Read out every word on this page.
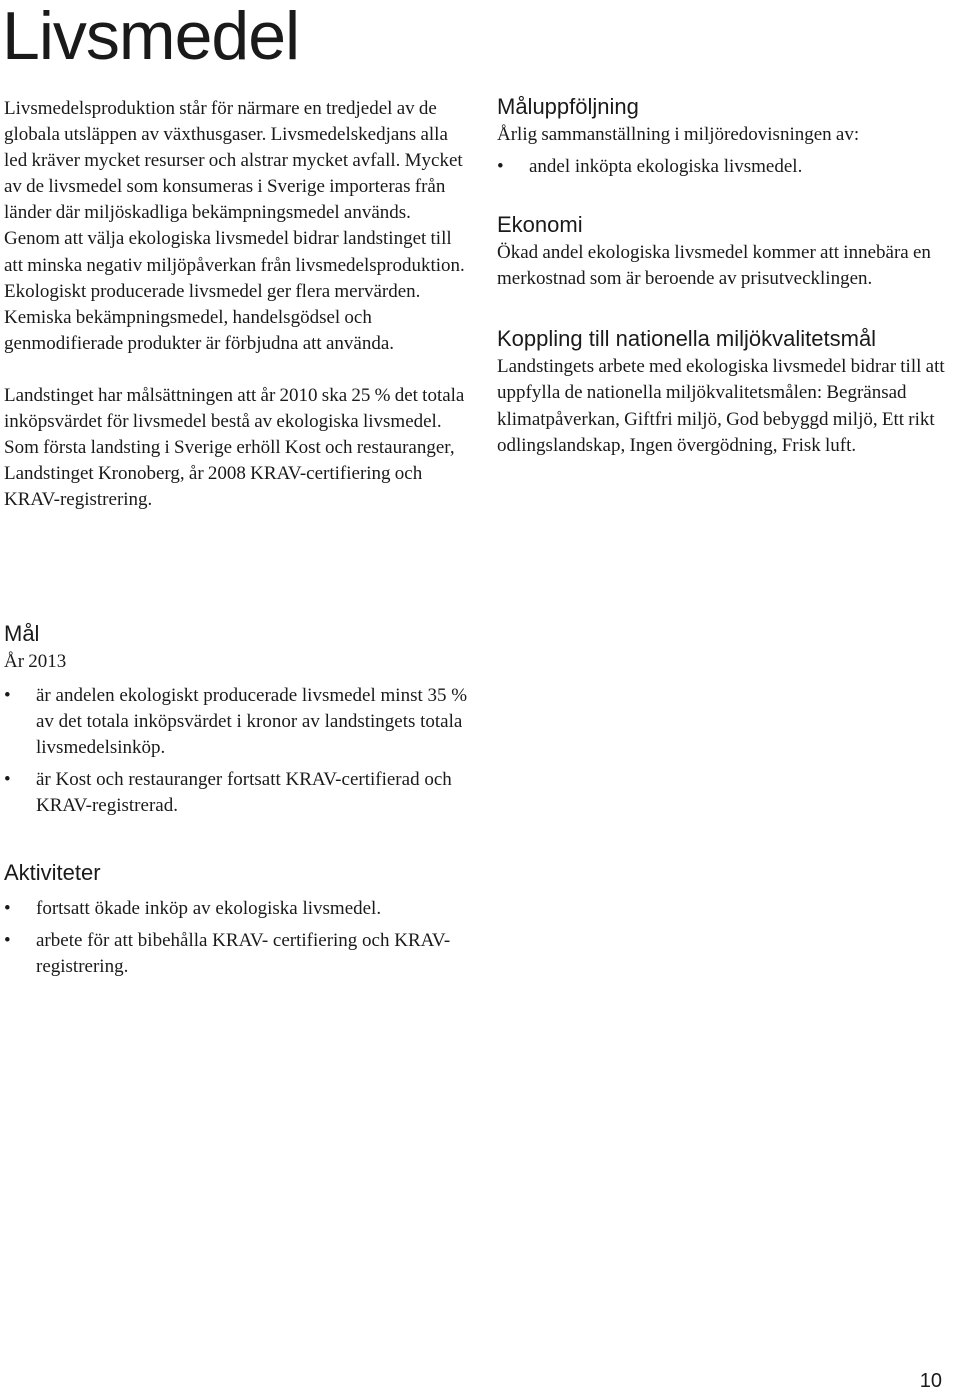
Livsmedel

Livsmedelsproduktion står för närmare en tredjedel av de globala utsläppen av växthusgaser. Livsmedelskedjans alla led kräver mycket resurser och alstrar mycket avfall. Mycket av de livsmedel som konsumeras i Sverige importeras från länder där miljöskadliga bekämpningsmedel används. Genom att välja ekologiska livsmedel bidrar landstinget till att minska negativ miljöpåverkan från livsmedelsproduktion. Ekologiskt producerade livsmedel ger flera mervärden. Kemiska bekämpningsmedel, handelsgödsel och genmodifierade produkter är förbjudna att använda.

Landstinget har målsättningen att år 2010 ska 25 % det totala inköpsvärdet för livsmedel bestå av ekologiska livsmedel. Som första landsting i Sverige erhöll Kost och restauranger, Landstinget Kronoberg, år 2008 KRAV-certifiering och KRAV-registrering.

Måluppföljning

Årlig sammanställning i miljöredovisningen av:

• andel inköpta ekologiska livsmedel.
Ekonomi

Ökad andel ekologiska livsmedel kommer att innebära en merkostnad som är beroende av prisutvecklingen.

Koppling till nationella miljökvalitetsmål

Landstingets arbete med ekologiska livsmedel bidrar till att uppfylla de nationella miljökvalitetsmålen: Begränsad klimatpåverkan, Giftfri miljö, God bebyggd miljö, Ett rikt odlingslandskap, Ingen övergödning, Frisk luft.

Mål

År 2013

• är andelen ekologiskt producerade livsmedel minst 35 % av det totala inköpsvärdet i kronor av landstingets totala livsmedelsinköp.
• är Kost och restauranger fortsatt KRAV-certifierad och KRAV-registrerad.
Aktiviteter
• fortsatt ökade inköp av ekologiska livsmedel.
• arbete för att bibehålla KRAV- certifiering och KRAV-registrering.
10
